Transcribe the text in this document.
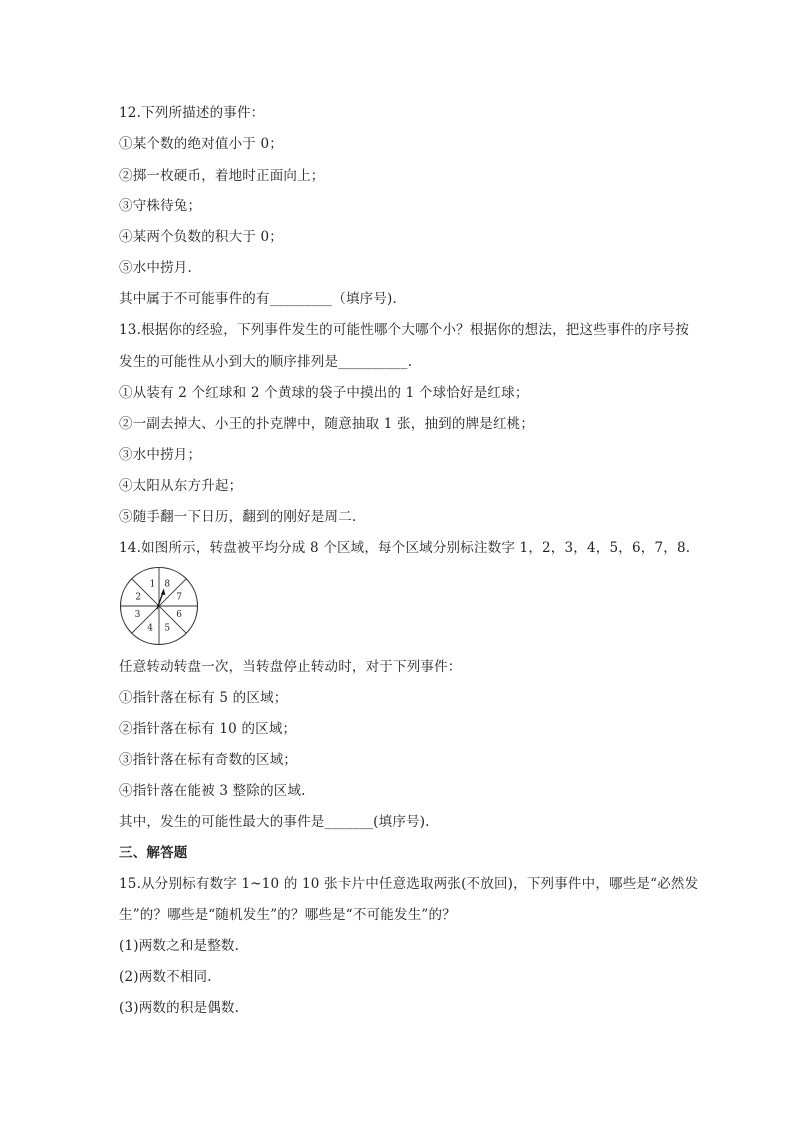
12.下列所描述的事件：
①某个数的绝对值小于 0；
②掷一枚硬币，着地时正面向上；
③守株待兔；
④某两个负数的积大于 0；
⑤水中捞月.
其中属于不可能事件的有_________（填序号).
13.根据你的经验，下列事件发生的可能性哪个大哪个小？根据你的想法，把这些事件的序号按
发生的可能性从小到大的顺序排列是__________.
①从装有 2 个红球和 2 个黄球的袋子中摸出的 1 个球恰好是红球；
②一副去掉大、小王的扑克牌中，随意抽取 1 张，抽到的牌是红桃；
③水中捞月；
④太阳从东方升起；
⑤随手翻一下日历，翻到的刚好是周二.
14.如图所示，转盘被平均分成 8 个区域，每个区域分别标注数字 1，2，3，4，5，6，7，8.
1 8
7
6
5
4
3
2
任意转动转盘一次，当转盘停止转动时，对于下列事件：
①指针落在标有 5 的区域；
②指针落在标有 10 的区域；
③指针落在标有奇数的区域；
④指针落在能被 3 整除的区域.
其中，发生的可能性最大的事件是_______(填序号).
三、解答题
15.从分别标有数字 1~10 的 10 张卡片中任意选取两张(不放回)，下列事件中，哪些是“必然发
生”的？哪些是“随机发生”的？哪些是“不可能发生”的？
(1)两数之和是整数.
(2)两数不相同.
(3)两数的积是偶数.
